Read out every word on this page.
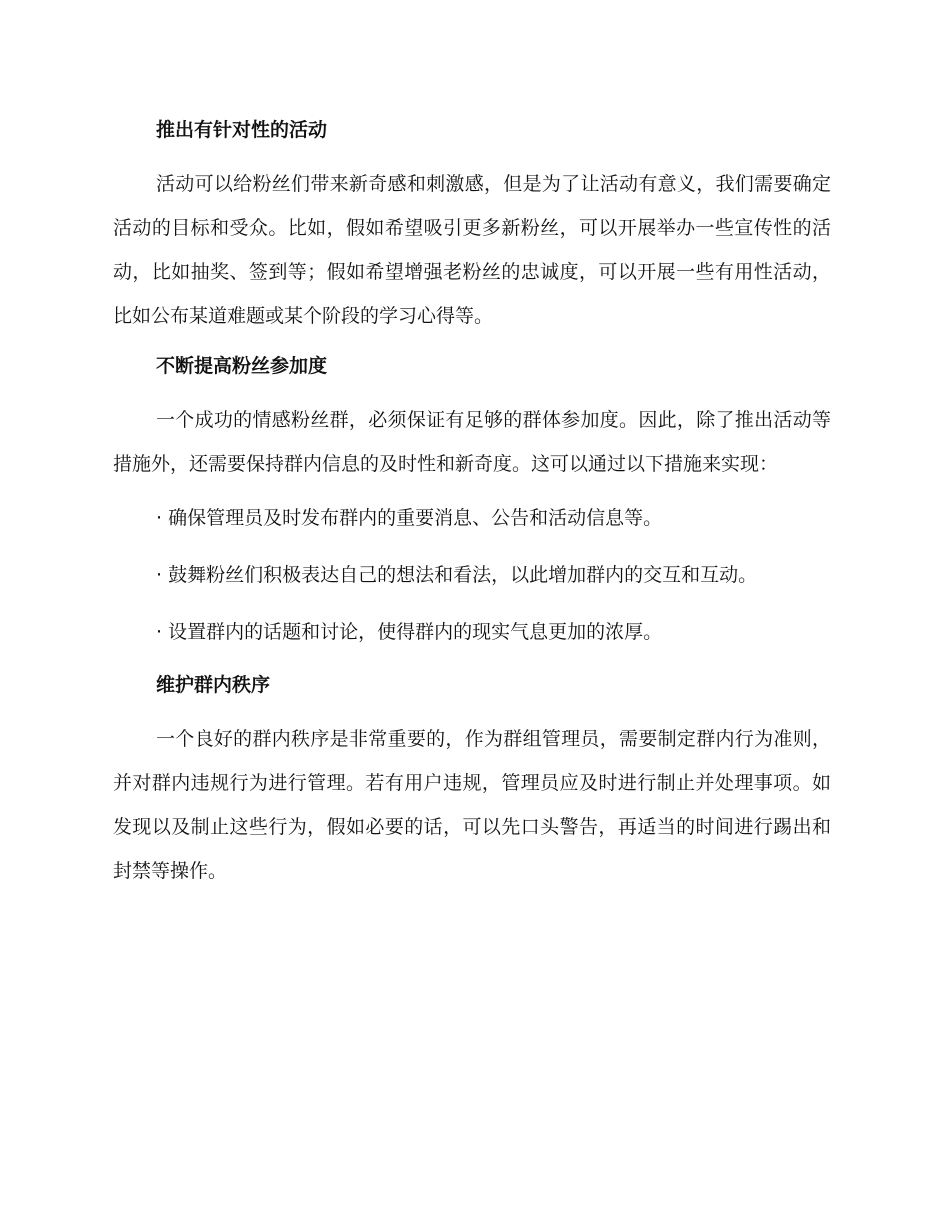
推出有针对性的活动

活动可以给粉丝们带来新奇感和刺激感，但是为了让活动有意义，我们需要确定活动的目标和受众。比如，假如希望吸引更多新粉丝，可以开展举办一些宣传性的活动，比如抽奖、签到等；假如希望增强老粉丝的忠诚度，可以开展一些有用性活动，比如公布某道难题或某个阶段的学习心得等。

不断提高粉丝参加度

一个成功的情感粉丝群，必须保证有足够的群体参加度。因此，除了推出活动等措施外，还需要保持群内信息的及时性和新奇度。这可以通过以下措施来实现：

· 确保管理员及时发布群内的重要消息、公告和活动信息等。
· 鼓舞粉丝们积极表达自己的想法和看法，以此增加群内的交互和互动。
· 设置群内的话题和讨论，使得群内的现实气息更加的浓厚。
维护群内秩序

一个良好的群内秩序是非常重要的，作为群组管理员，需要制定群内行为准则，并对群内违规行为进行管理。若有用户违规，管理员应及时进行制止并处理事项。如发现以及制止这些行为，假如必要的话，可以先口头警告，再适当的时间进行踢出和封禁等操作。
